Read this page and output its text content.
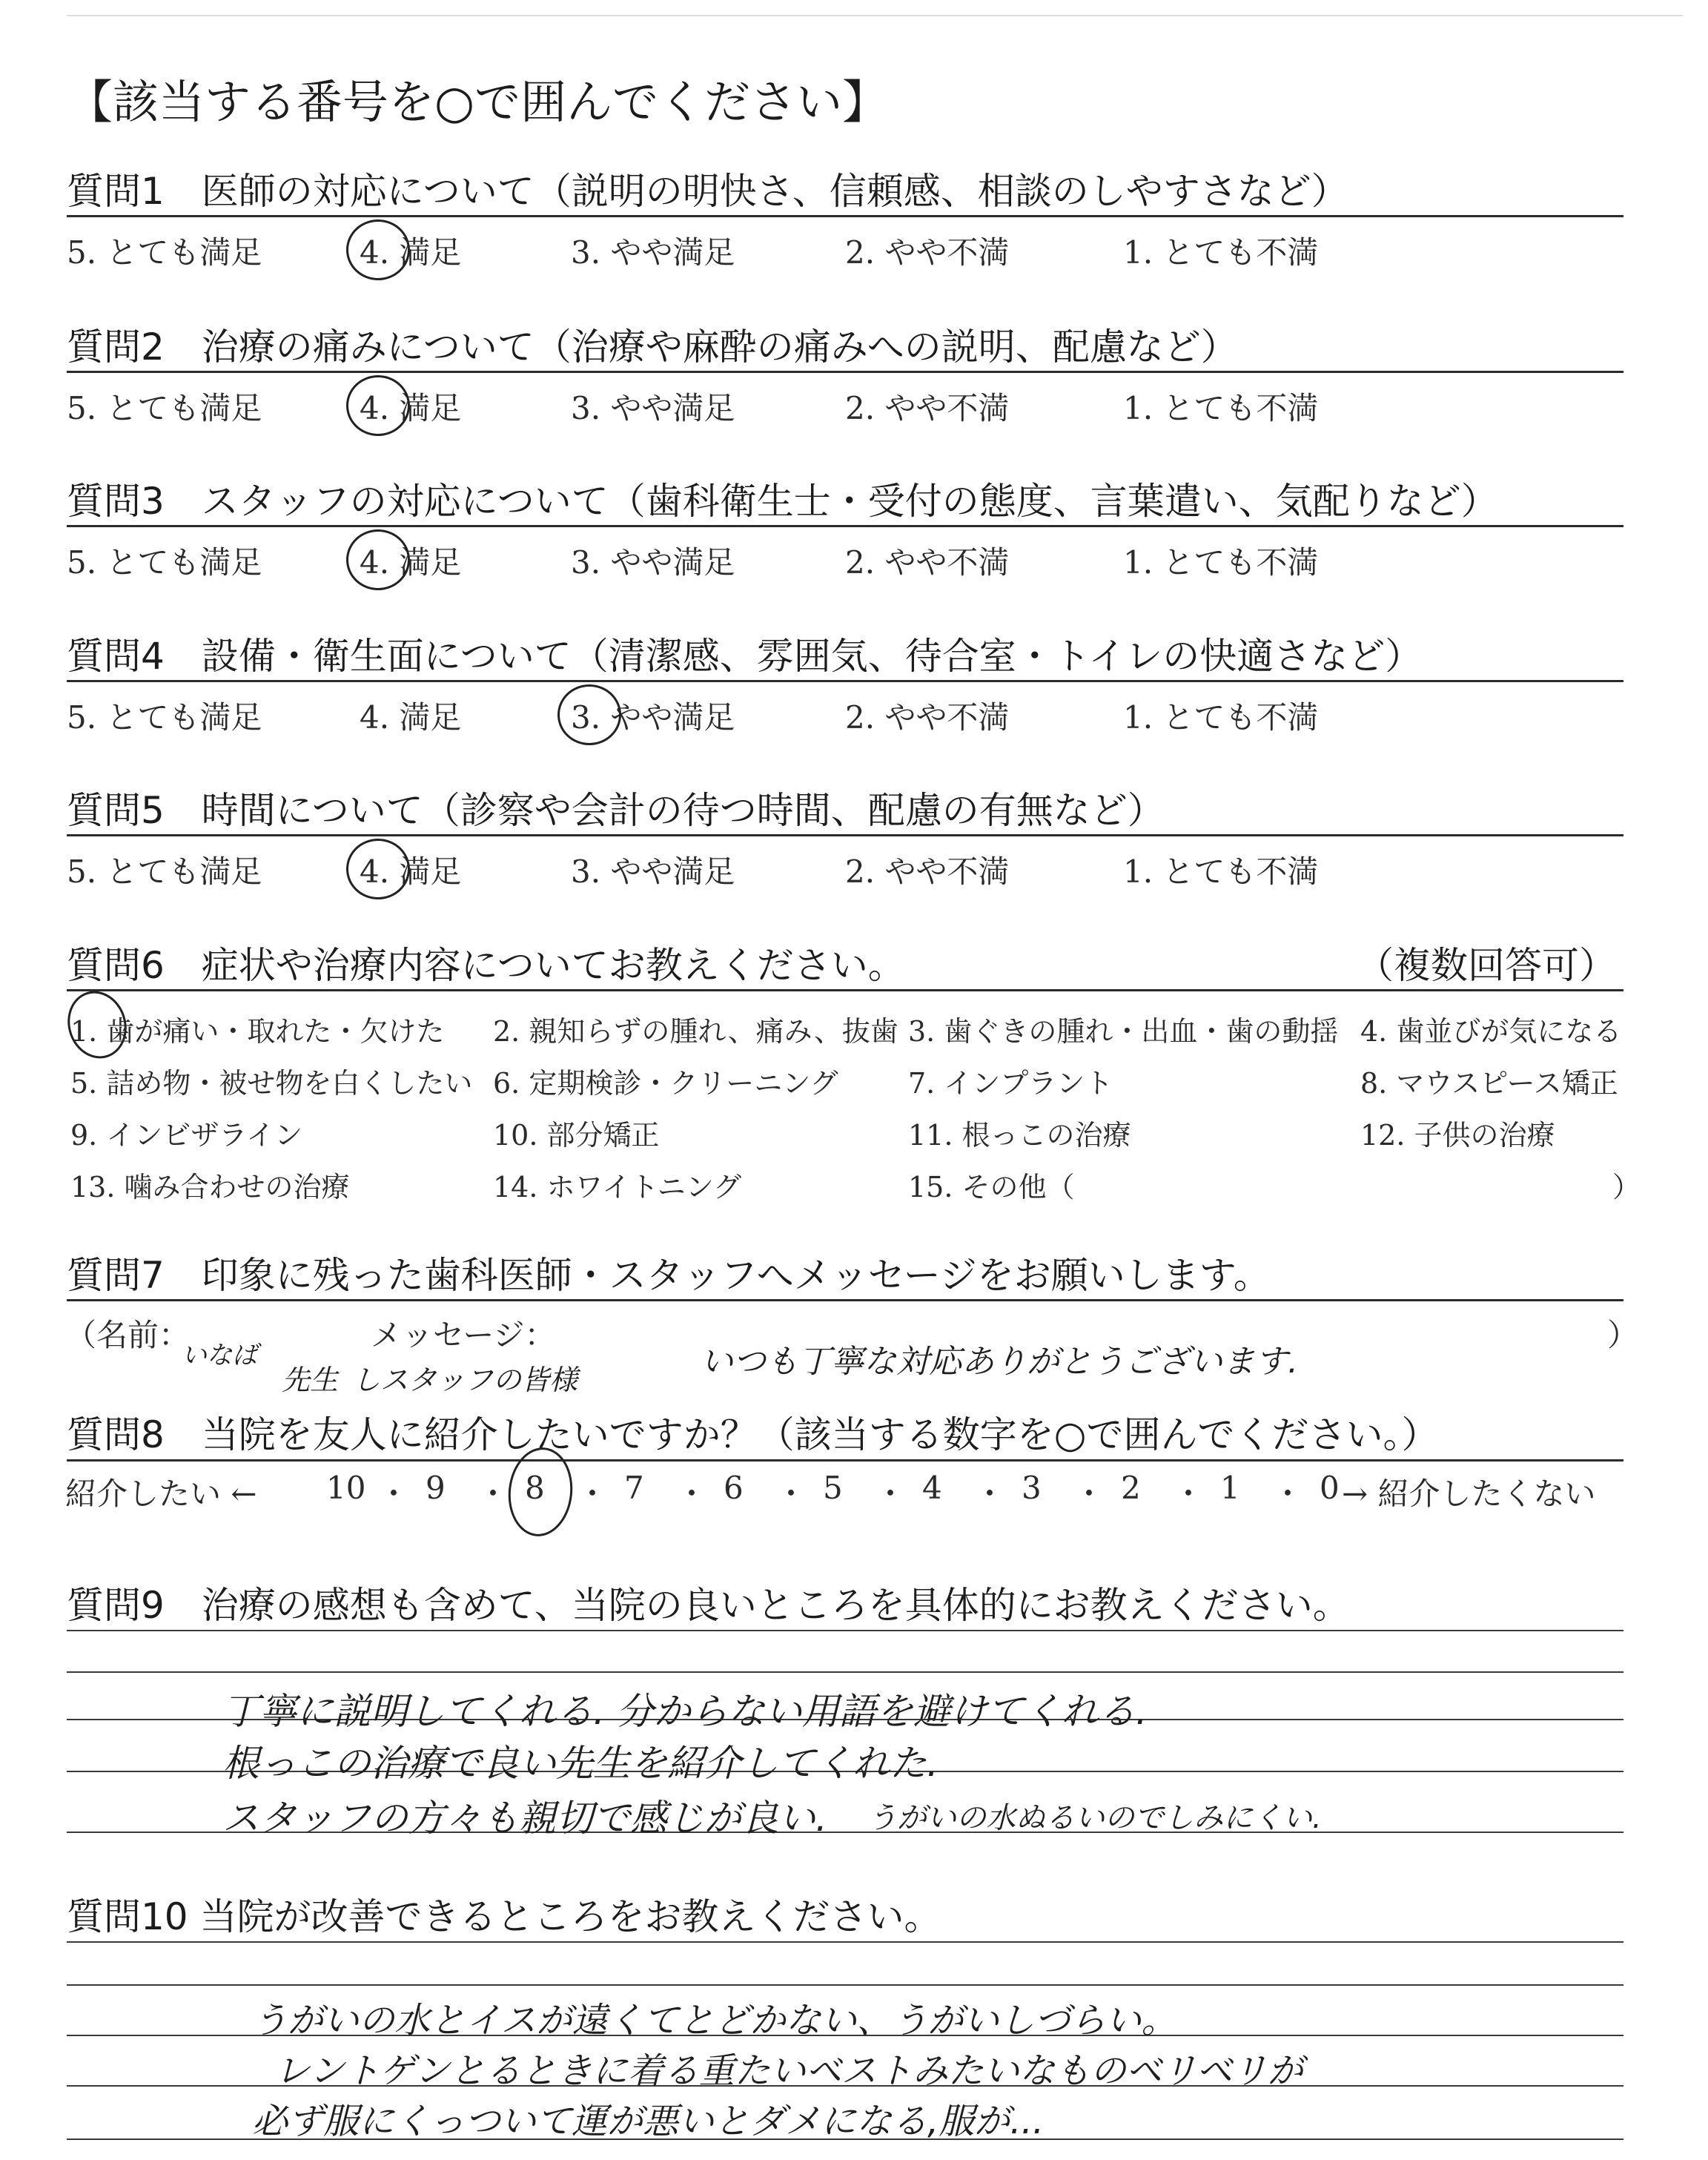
【該当する番号を○で囲んでください】
質問1　医師の対応について（説明の明快さ、信頼感、相談のしやすさなど）
5. とても満足	4. 満足	3. やや満足	2. やや不満	1. とても不満
質問2　治療の痛みについて（治療や麻酔の痛みへの説明、配慮など）
5. とても満足	4. 満足	3. やや満足	2. やや不満	1. とても不満
質問3　スタッフの対応について（歯科衛生士・受付の態度、言葉遣い、気配りなど）
5. とても満足	4. 満足	3. やや満足	2. やや不満	1. とても不満
質問4　設備・衛生面について（清潔感、雰囲気、待合室・トイレの快適さなど）
5. とても満足	4. 満足	3. やや満足	2. やや不満	1. とても不満
質問5　時間について（診察や会計の待つ時間、配慮の有無など）
5. とても満足	4. 満足	3. やや満足	2. やや不満	1. とても不満
質問6　症状や治療内容についてお教えください。	（複数回答可）
1. 歯が痛い・取れた・欠けた 2. 親知らずの腫れ、痛み、抜歯 3. 歯ぐきの腫れ・出血・歯の動揺 4. 歯並びが気になる
5. 詰め物・被せ物を白くしたい 6. 定期検診・クリーニング 7. インプラント	8. マウスピース矯正
9. インビザライン	10. 部分矯正	11. 根っこの治療	12. 子供の治療
13. 噛み合わせの治療	14. ホワイトニング	15. その他（	）
質問7　印象に残った歯科医師・スタッフへメッセージをお願いします。
（名前：	メッセージ：	）
いなば
先生 しスタッフの皆様	いつも丁寧な対応ありがとうございます.
質問8　当院を友人に紹介したいですか？（該当する数字を○で囲んでください。）
紹介したい ← 10 ・ 9 ・ 8 ・ 7 ・ 6 ・ 5 ・ 4 ・ 3 ・ 2 ・ 1 ・ 0 → 紹介したくない
質問9　治療の感想も含めて、当院の良いところを具体的にお教えください。
丁寧に説明してくれる. 分からない用語を避けてくれる.
根っこの治療で良い先生を紹介してくれた.
スタッフの方々も親切で感じが良い. うがいの水ぬるいのでしみにくい.
質問10 当院が改善できるところをお教えください。
うがいの水とイスが遠くてとどかない、うがいしづらい。
レントゲンとるときに着る重たいベストみたいなものベリベリが
必ず服にくっついて運が悪いとダメになる,服が...
